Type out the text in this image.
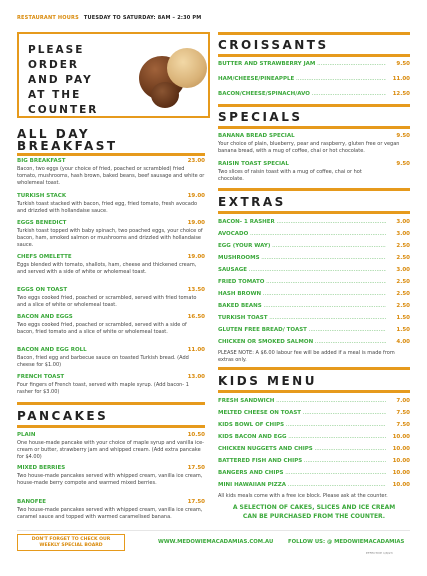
RESTAURANT HOURS TUESDAY TO SATURDAY: 8AM – 2:30 PM
PLEASE ORDER
AND PAY
AT THE
COUNTER
ALL DAY
BREAKFAST
BIG BREAKFAST	23.00
Bacon, two eggs (your choice of fried, poached or scrambled) fried tomato, mushrooms, hash brown, baked beans, beef sausage and white or wholemeal toast.
TURKISH STACK	19.00
Turkish toast stacked with bacon, fried egg, fried tomato, fresh avocado and drizzled with hollandaise sauce.
EGGS BENEDICT	19.00
Turkish toast topped with baby spinach, two poached eggs, your choice of bacon, ham, smoked salmon or mushrooms and drizzled with hollandaise sauce.
CHEFS OMELETTE	19.00
Eggs blended with tomato, shallots, ham, cheese and thickened cream, and served with a side of white or wholemeal toast.
EGGS ON TOAST	13.50
Two eggs cooked fried, poached or scrambled, served with fried tomato and a slice of white or wholemeal toast.
BACON AND EGGS	16.50
Two eggs cooked fried, poached or scrambled, served with a side of bacon, fried tomato and a slice of white or wholemeal toast.
BACON AND EGG ROLL	11.00
Bacon, fried egg and barbecue sauce on toasted Turkish bread. (Add cheese for $1.00)
FRENCH TOAST	13.00
Four fingers of French toast, served with maple syrup. (Add bacon- 1 rasher for $3.00)
PANCAKES
PLAIN	10.50
One house-made pancake with your choice of maple syrup and vanilla ice-cream or butter, strawberry jam and whipped cream. (Add extra pancake for $4.00)
MIXED BERRIES	17.50
Two house-made pancakes served with whipped cream, vanilla ice cream, house-made berry compote and warmed mixed berries.
BANOFEE	17.50
Two house-made pancakes served with whipped cream, vanilla ice cream, caramel sauce and topped with warmed caramelised banana.
CROISSANTS
BUTTER AND STRAWBERRY JAM .....	9.50
HAM/CHEESE/PINEAPPLE .....	11.00
BACON/CHEESE/SPINACH/AVO .....	12.50
SPECIALS
BANANA BREAD SPECIAL	9.50
Your choice of plain, blueberry, pear and raspberry, gluten free or vegan banana bread, with a mug of coffee, chai or hot chocolate.
RAISIN TOAST SPECIAL	9.50
Two slices of raisin toast with a mug of coffee, chai or hot chocolate.
EXTRAS
BACON- 1 RASHER .....	3.00
AVOCADO .....	3.00
EGG (YOUR WAY) .....	2.50
MUSHROOMS .....	2.50
SAUSAGE .....	3.00
FRIED TOMATO .....	2.50
HASH BROWN .....	2.50
BAKED BEANS .....	2.50
TURKISH TOAST .....	1.50
GLUTEN FREE BREAD/ TOAST .....	1.50
CHICKEN OR SMOKED SALMON .....	4.00
PLEASE NOTE: A $6.00 labour fee will be added if a meal is made from extras only.
KIDS MENU
FRESH SANDWICH .....	7.00
MELTED CHEESE ON TOAST .....	7.50
KIDS BOWL OF CHIPS .....	7.50
KIDS BACON AND EGG .....	10.00
CHICKEN NUGGETS AND CHIPS .....	10.00
BATTERED FISH AND CHIPS .....	10.00
BANGERS AND CHIPS .....	10.00
MINI HAWAIIAN PIZZA .....	10.00
All kids meals come with a free ice block. Please ask at the counter.
A SELECTION OF CAKES, SLICES AND ICE CREAM CAN BE PURCHASED FROM THE COUNTER.
DON'T FORGET TO CHECK OUR
WEEKLY SPECIAL BOARD
WWW.MEDOWIEMACADAMIAS.COM.AU	FOLLOW US: @ MEDOWIEMACADAMIAS
EFFECTIVE 1/8/23
